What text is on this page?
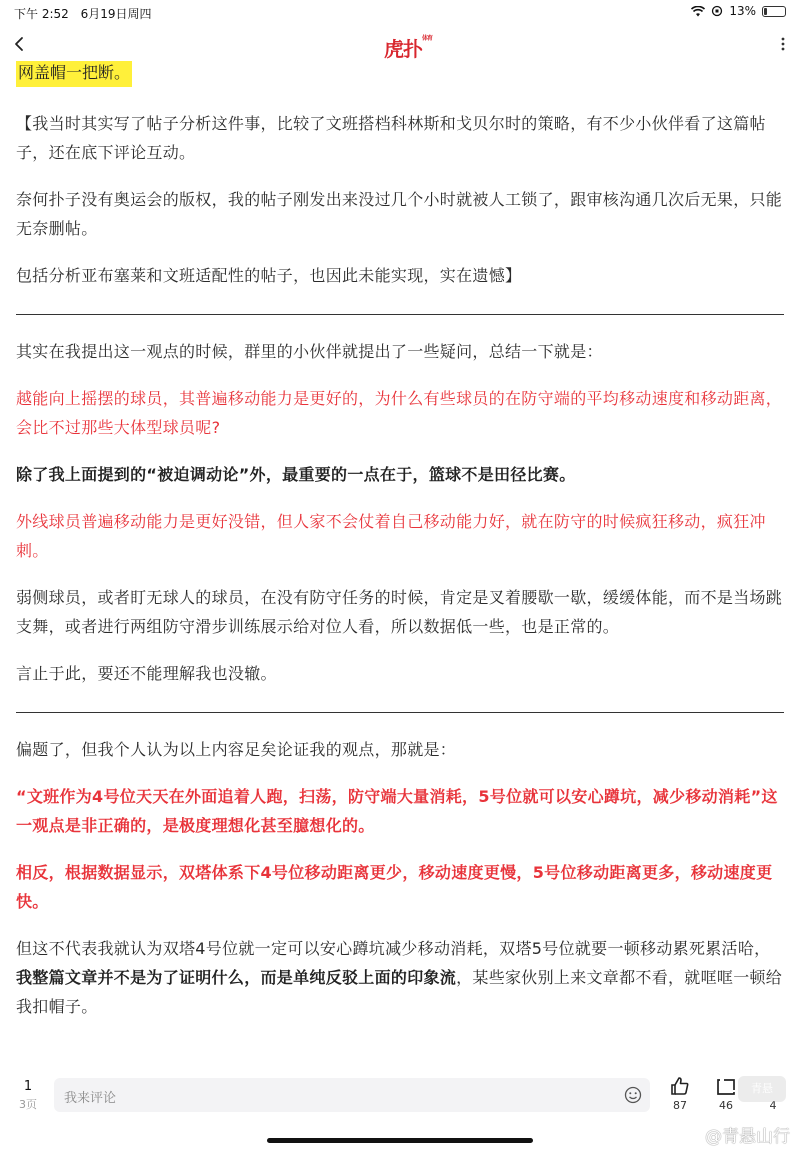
下午 2:52 6月19日周四	13%
虎扑$^{体育}$
网盖帽一把断。

【我当时其实写了帖子分析这件事，比较了文班搭档科林斯和戈贝尔时的策略，有不少小伙伴看了这篇帖子，还在底下评论互动。

奈何扑子没有奥运会的版权，我的帖子刚发出来没过几个小时就被人工锁了，跟审核沟通几次后无果，只能无奈删帖。

包括分析亚布塞莱和文班适配性的帖子，也因此未能实现，实在遗憾】

其实在我提出这一观点的时候，群里的小伙伴就提出了一些疑问，总结一下就是：

越能向上摇摆的球员，其普遍移动能力是更好的，为什么有些球员的在防守端的平均移动速度和移动距离，会比不过那些大体型球员呢?

除了我上面提到的“被迫调动论”外，最重要的一点在于，篮球不是田径比赛。

外线球员普遍移动能力是更好没错，但人家不会仗着自己移动能力好，就在防守的时候疯狂移动，疯狂冲刺。

弱侧球员，或者盯无球人的球员，在没有防守任务的时候，肯定是叉着腰歇一歇，缓缓体能，而不是当场跳支舞，或者进行两组防守滑步训练展示给对位人看，所以数据低一些，也是正常的。

言止于此，要还不能理解我也没辙。

偏题了，但我个人认为以上内容足矣论证我的观点，那就是：

“文班作为4号位天天在外面追着人跑，扫荡，防守端大量消耗，5号位就可以安心蹲坑，减少移动消耗”这一观点是非正确的，是极度理想化甚至臆想化的。

相反，根据数据显示，双塔体系下4号位移动距离更少，移动速度更慢，5号位移动距离更多，移动速度更快。

但这不代表我就认为双塔4号位就一定可以安心蹲坑减少移动消耗，双塔5号位就要一顿移动累死累活哈，我整篇文章并不是为了证明什么，而是单纯反驳上面的印象流，某些家伙别上来文章都不看，就哐哐一顿给我扣帽子。

1
3页 我来评论	87	46	4
青悬
@青悬山行
